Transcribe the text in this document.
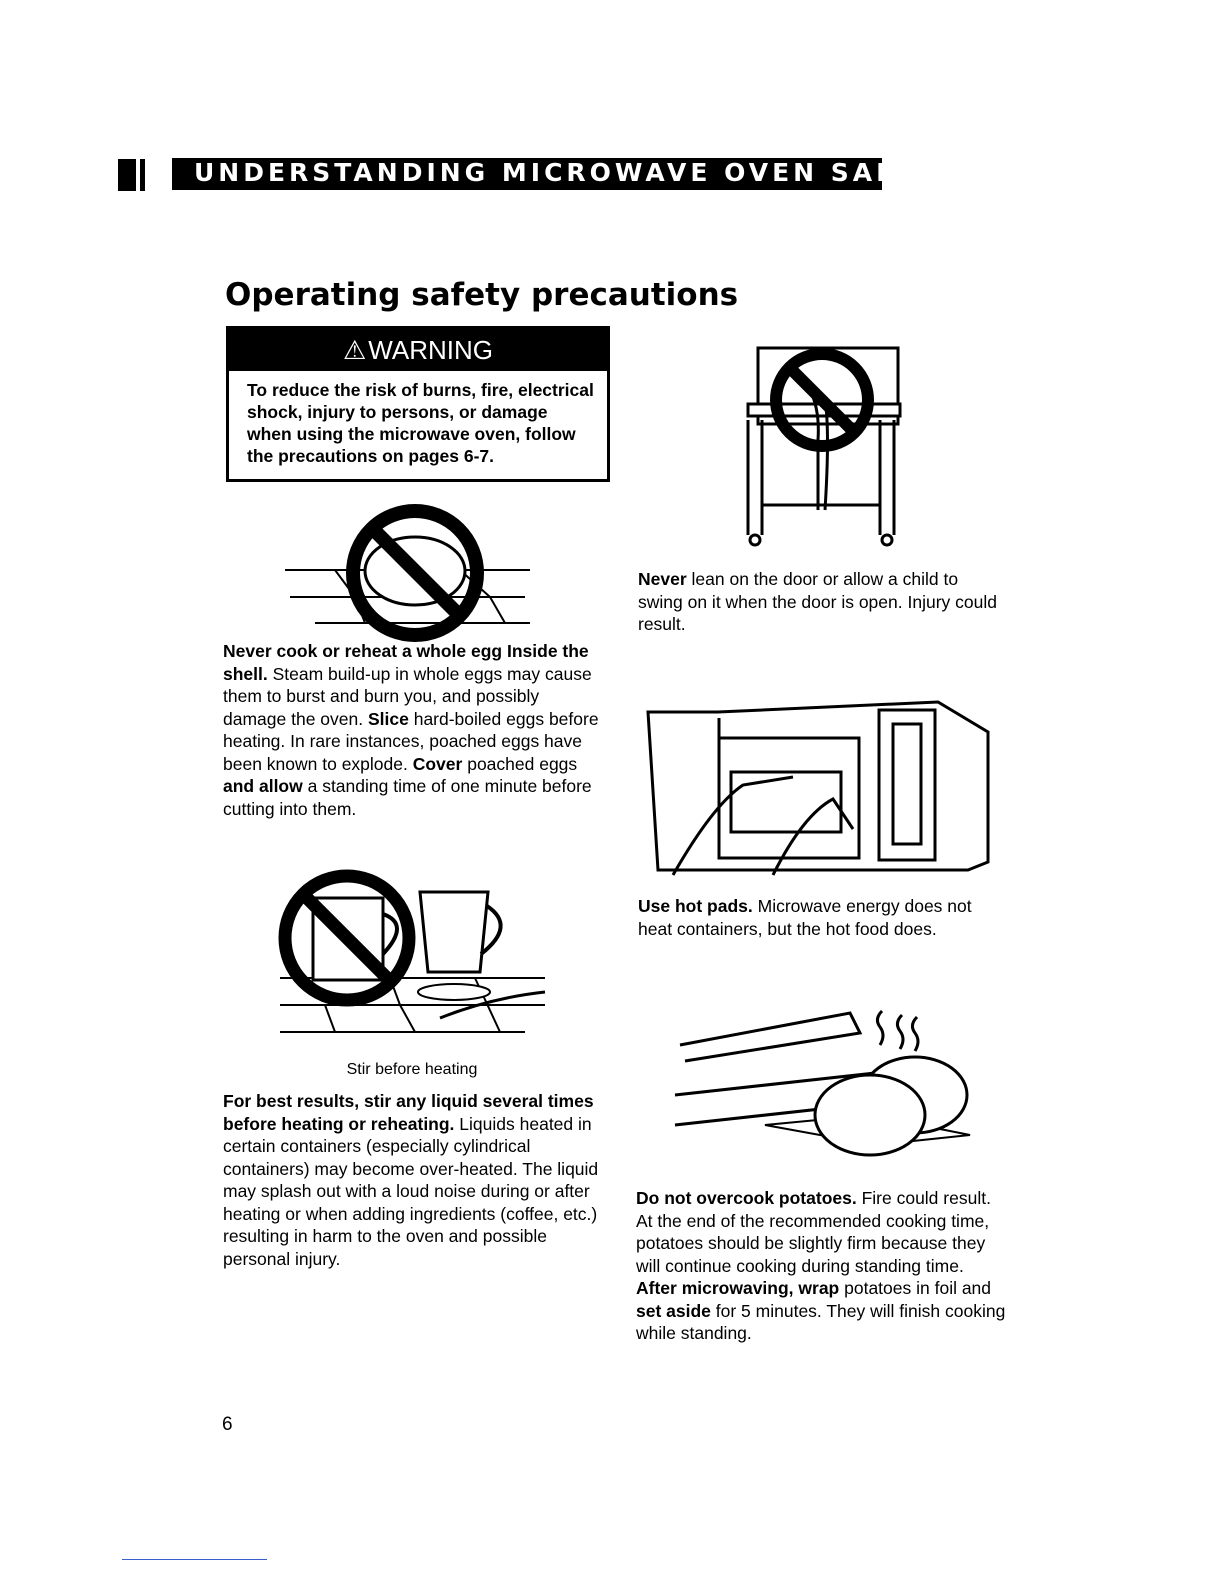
UNDERSTANDING MICROWAVE OVEN SAFETY
Operating safety precautions
⚠WARNING
To reduce the risk of burns, fire, electrical shock, injury to persons, or damage when using the microwave oven, follow the precautions on pages 6-7.
Never cook or reheat a whole egg Inside the shell. Steam build-up in whole eggs may cause them to burst and burn you, and possibly damage the oven. Slice hard-boiled eggs before heating. In rare instances, poached eggs have been known to explode. Cover poached eggs and allow a standing time of one minute before cutting into them.
Stir before heating
For best results, stir any liquid several times before heating or reheating. Liquids heated in certain containers (especially cylindrical containers) may become over-heated. The liquid may splash out with a loud noise during or after heating or when adding ingredients (coffee, etc.) resulting in harm to the oven and possible personal injury.
Never lean on the door or allow a child to swing on it when the door is open. Injury could result.
Use hot pads. Microwave energy does not heat containers, but the hot food does.
Do not overcook potatoes. Fire could result. At the end of the recommended cooking time, potatoes should be slightly firm because they will continue cooking during standing time. After microwaving, wrap potatoes in foil and set aside for 5 minutes. They will finish cooking while standing.
6
